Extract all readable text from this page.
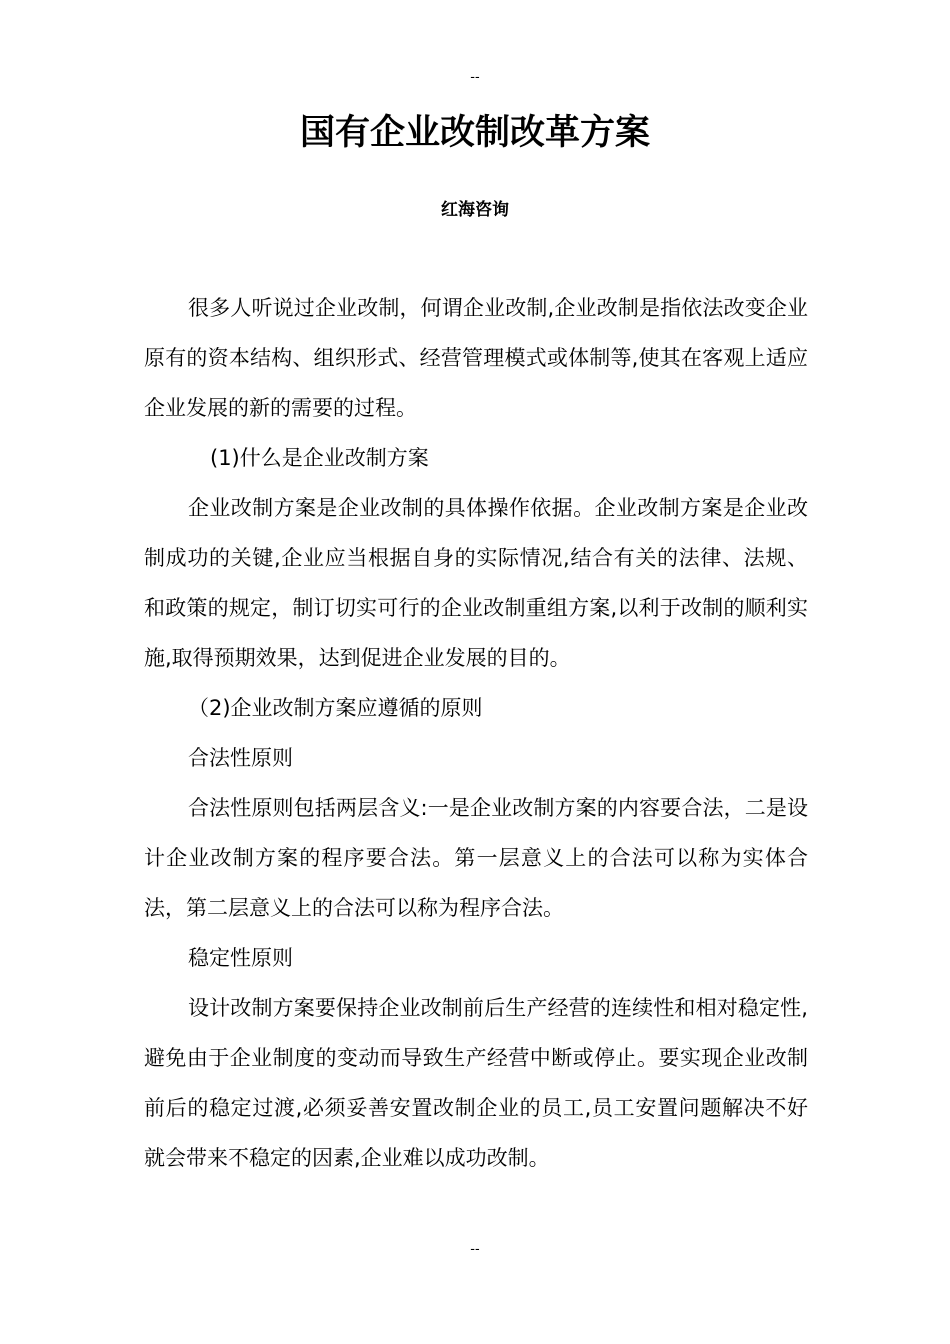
--
国有企业改制改革方案
红海咨询

很多人听说过企业改制，何谓企业改制,企业改制是指依法改变企业原有的资本结构、组织形式、经营管理模式或体制等,使其在客观上适应企业发展的新的需要的过程。

(1)什么是企业改制方案

企业改制方案是企业改制的具体操作依据。企业改制方案是企业改制成功的关键,企业应当根据自身的实际情况,结合有关的法律、法规、和政策的规定，制订切实可行的企业改制重组方案,以利于改制的顺利实施,取得预期效果，达到促进企业发展的目的。

（2)企业改制方案应遵循的原则

合法性原则

合法性原则包括两层含义:一是企业改制方案的内容要合法，二是设计企业改制方案的程序要合法。第一层意义上的合法可以称为实体合法，第二层意义上的合法可以称为程序合法。

稳定性原则

设计改制方案要保持企业改制前后生产经营的连续性和相对稳定性,避免由于企业制度的变动而导致生产经营中断或停止。要实现企业改制前后的稳定过渡,必须妥善安置改制企业的员工,员工安置问题解决不好就会带来不稳定的因素,企业难以成功改制。

--
